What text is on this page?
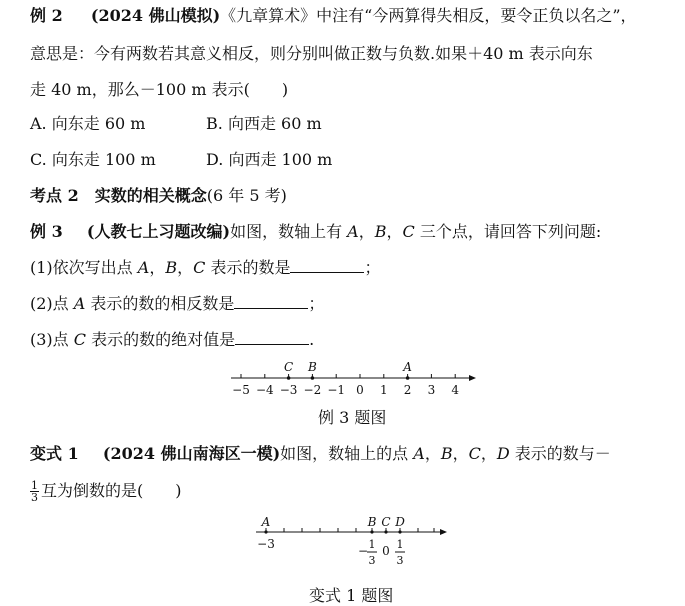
例 2 (2024 佛山模拟)《九章算术》中注有“今两算得失相反，要令正负以名之”，
意思是：今有两数若其意义相反，则分别叫做正数与负数.如果＋40 m 表示向东
走 40 m，那么－100 m 表示(　　)
A. 向东走 60 m	B. 向西走 60 m
C. 向东走 100 m	D. 向西走 100 m
考点 2　实数的相关概念(6 年 5 考)
例 3 (人教七上习题改编)如图，数轴上有 A，B，C 三个点，请回答下列问题:
(1)依次写出点 A，B，C 表示的数是	；
(2)点 A 表示的数的相反数是	；
(3)点 C 表示的数的绝对值是	.
−5 −4 −3 −2 −1 0 1 2 3 4
C B	A
例 3 题图
变式 1 (2024 佛山南海区一模)如图，数轴上的点 A，B，C，D 表示的数与－
$\frac{1}{3}$ 互为倒数的是(　　)
A	B C D
−3	− 1
3
0 1
3
变式 1 题图
